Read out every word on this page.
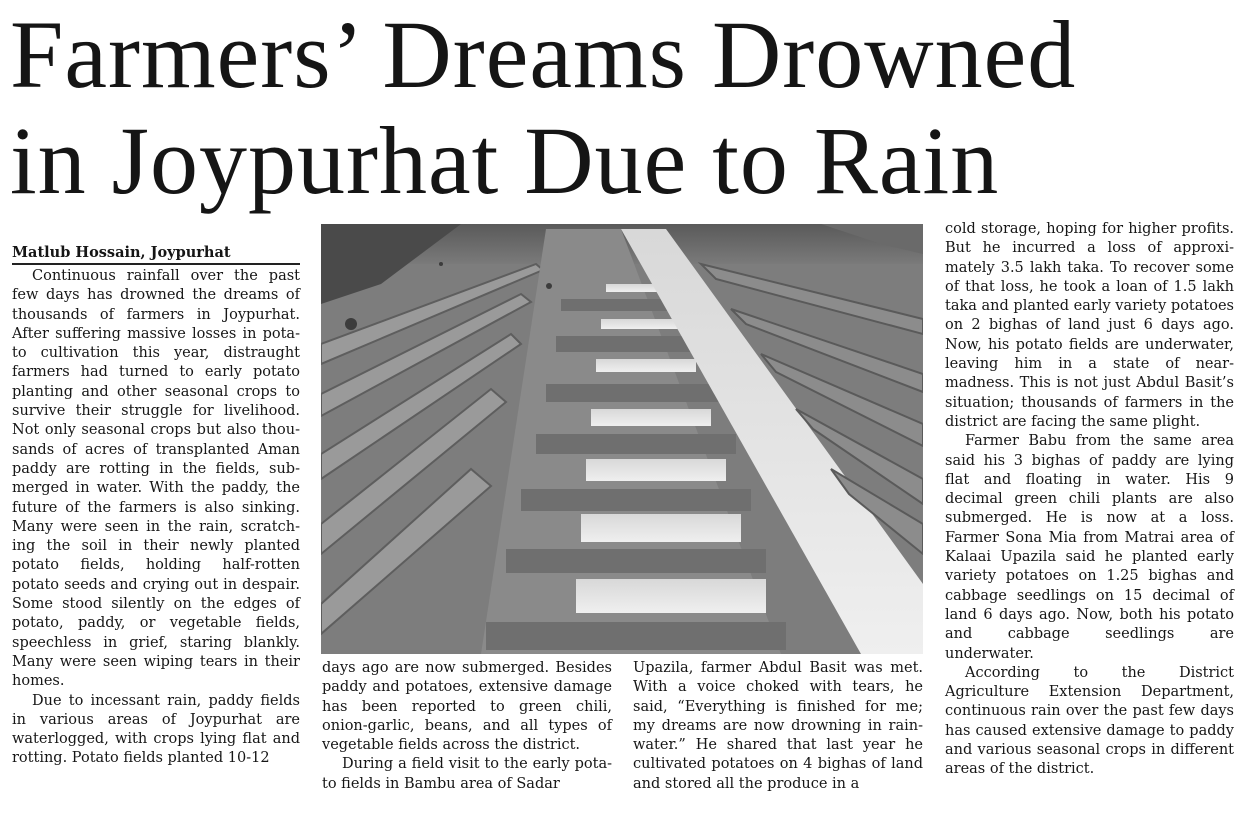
Farmers’ Dreams Drowned
in Joypurhat Due to Rain
Matlub Hossain, Joypurhat

Continuous rainfall over the past few days has drowned the dreams of thousands of farmers in Joypurhat. After suffering massive losses in potato cultivation this year, distraught farmers had turned to early potato planting and other seasonal crops to survive their struggle for livelihood. Not only seasonal crops but also thousands of acres of transplanted Aman paddy are rotting in the fields, submerged in water. With the paddy, the future of the farmers is also sinking. Many were seen in the rain, scratching the soil in their newly planted potato fields, holding half-rotten potato seeds and crying out in despair. Some stood silently on the edges of potato, paddy, or vegetable fields, speechless in grief, staring blankly. Many were seen wiping tears in their homes.

Due to incessant rain, paddy fields in various areas of Joypurhat are waterlogged, with crops lying flat and rotting. Potato fields planted 10-12

days ago are now submerged. Besides paddy and potatoes, extensive damage has been reported to green chili, onion-garlic, beans, and all types of vegetable fields across the district.

During a field visit to the early potato fields in Bambu area of Sadar

Upazila, farmer Abdul Basit was met. With a voice choked with tears, he said, “Everything is finished for me; my dreams are now drowning in rainwater.” He shared that last year he cultivated potatoes on 4 bighas of land and stored all the produce in a

cold storage, hoping for higher profits. But he incurred a loss of approximately 3.5 lakh taka. To recover some of that loss, he took a loan of 1.5 lakh taka and planted early variety potatoes on 2 bighas of land just 6 days ago. Now, his potato fields are underwater, leaving him in a state of near-madness. This is not just Abdul Basit’s situation; thousands of farmers in the district are facing the same plight.

Farmer Babu from the same area said his 3 bighas of paddy are lying flat and floating in water. His 9 decimal green chili plants are also submerged. He is now at a loss. Farmer Sona Mia from Matrai area of Kalaai Upazila said he planted early variety potatoes on 1.25 bighas and cabbage seedlings on 15 decimal of land 6 days ago. Now, both his potato and cabbage seedlings are underwater.

According to the District Agriculture Extension Department, continuous rain over the past few days has caused extensive damage to paddy and various seasonal crops in different areas of the district.
